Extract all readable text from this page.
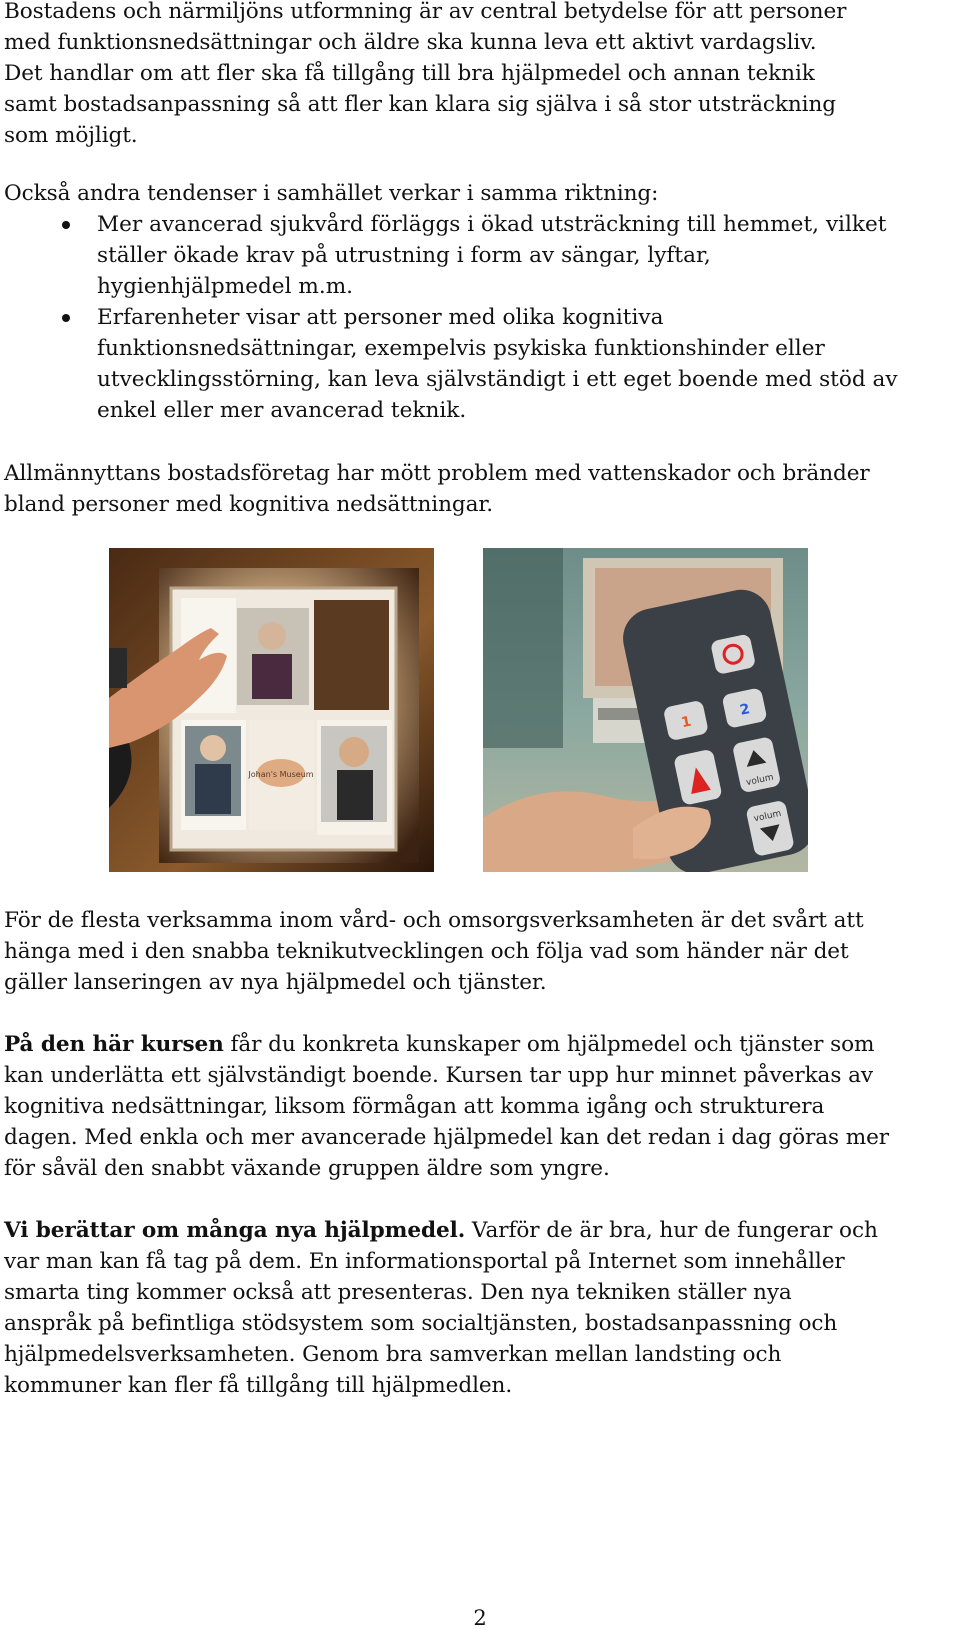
Bostadens och närmiljöns utformning är av central betydelse för att personer
med funktionsnedsättningar och äldre ska kunna leva ett aktivt vardagsliv.
Det handlar om att fler ska få tillgång till bra hjälpmedel och annan teknik
samt bostadsanpassning så att fler kan klara sig själva i så stor utsträckning
som möjligt.
Också andra tendenser i samhället verkar i samma riktning:
Mer avancerad sjukvård förläggs i ökad utsträckning till hemmet, vilket
ställer ökade krav på utrustning i form av sängar, lyftar,
hygienhjälpmedel m.m.
Erfarenheter visar att personer med olika kognitiva
funktionsnedsättningar, exempelvis psykiska funktionshinder eller
utvecklingsstörning, kan leva självständigt i ett eget boende med stöd av
enkel eller mer avancerad teknik.
Allmännyttans bostadsföretag har mött problem med vattenskador och bränder
bland personer med kognitiva nedsättningar.
Johan's Museum
1
2
volum
volum
För de flesta verksamma inom vård- och omsorgsverksamheten är det svårt att
hänga med i den snabba teknikutvecklingen och följa vad som händer när det
gäller lanseringen av nya hjälpmedel och tjänster.
På den här kursen får du konkreta kunskaper om hjälpmedel och tjänster som
kan underlätta ett självständigt boende. Kursen tar upp hur minnet påverkas av
kognitiva nedsättningar, liksom förmågan att komma igång och strukturera
dagen. Med enkla och mer avancerade hjälpmedel kan det redan i dag göras mer
för såväl den snabbt växande gruppen äldre som yngre.
Vi berättar om många nya hjälpmedel. Varför de är bra, hur de fungerar och
var man kan få tag på dem. En informationsportal på Internet som innehåller
smarta ting kommer också att presenteras. Den nya tekniken ställer nya
anspråk på befintliga stödsystem som socialtjänsten, bostadsanpassning och
hjälpmedelsverksamheten. Genom bra samverkan mellan landsting och
kommuner kan fler få tillgång till hjälpmedlen.
2
